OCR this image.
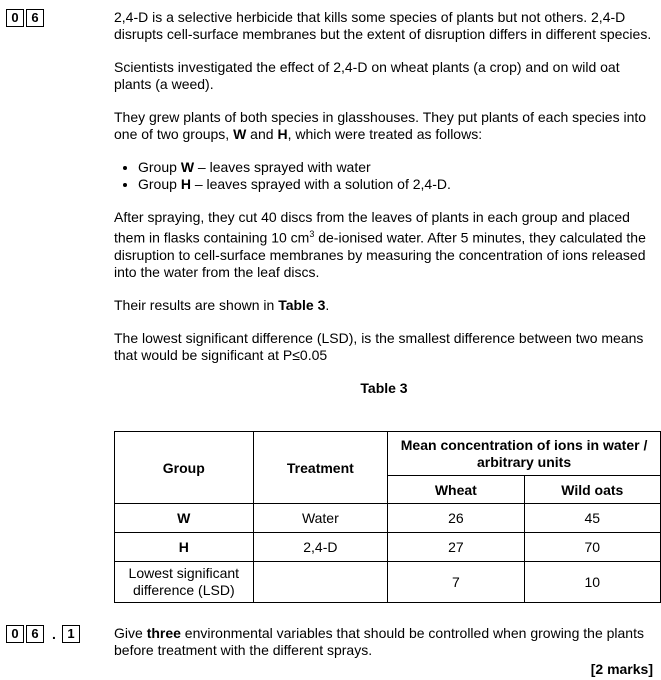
0 6	2,4-D is a selective herbicide that kills some species of plants but not others. 2,4-D disrupts cell-surface membranes but the extent of disruption differs in different species.

Scientists investigated the effect of 2,4-D on wheat plants (a crop) and on wild oat plants (a weed).

They grew plants of both species in glasshouses. They put plants of each species into one of two groups, W and H, which were treated as follows:

• Group W – leaves sprayed with water
• Group H – leaves sprayed with a solution of 2,4-D.

After spraying, they cut 40 discs from the leaves of plants in each group and placed them in flasks containing 10 $cm^3$ de-ionised water. After 5 minutes, they calculated the disruption to cell-surface membranes by measuring the concentration of ions released into the water from the leaf discs.

Their results are shown in Table 3.

The lowest significant difference (LSD), is the smallest difference between two means that would be significant at P≤0.05

Table 3
Group	Treatment	Mean concentration of ions in water / arbitrary units	
		Wheat	Wild oats
W	Water	26	45
H	2,4-D	27	70
Lowest significant difference (LSD)		7	10
0 6 . 1	Give three environmental variables that should be controlled when growing the plants before treatment with the different sprays.
[2 marks]
